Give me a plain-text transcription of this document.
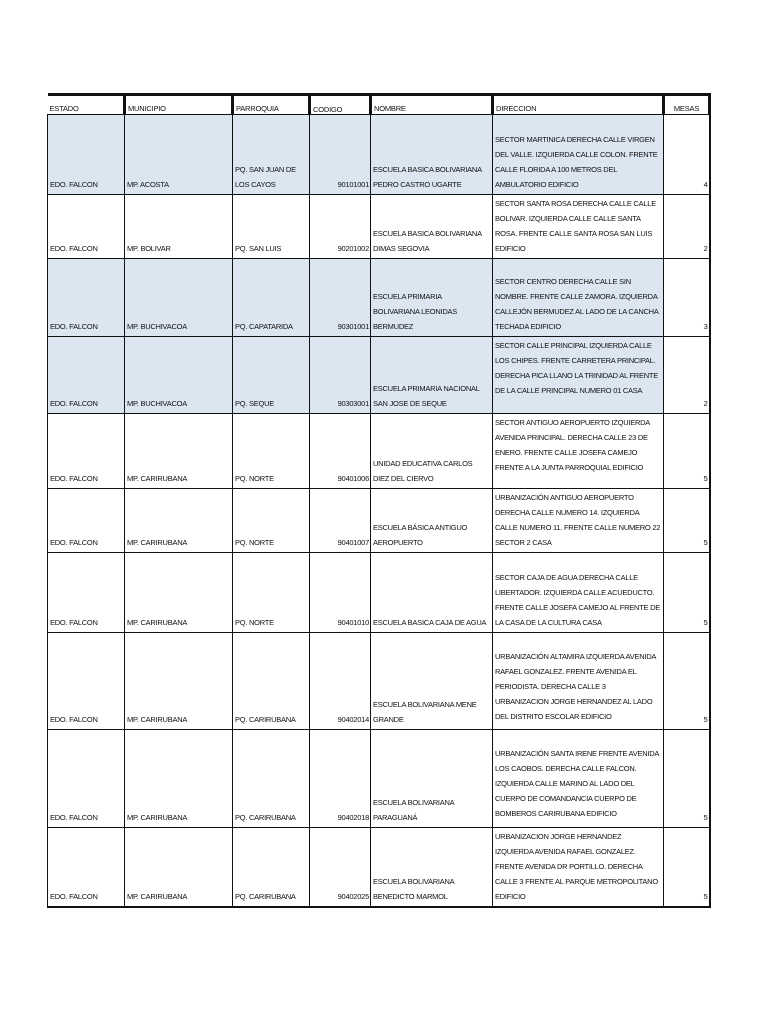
ESTADO	MUNICIPIO	PARROQUIA	CODIGO	NOMBRE	DIRECCION	MESAS
EDO. FALCON	MP. ACOSTA	PQ. SAN JUAN DE LOS CAYOS	90101001	ESCUELA BASICA BOLIVARIANA PEDRO CASTRO UGARTE	SECTOR MARTINICA DERECHA CALLE VIRGEN DEL VALLE. IZQUIERDA CALLE COLON. FRENTE CALLE FLORIDA A 100 METROS DEL AMBULATORIO EDIFICIO	4
EDO. FALCON	MP. BOLIVAR	PQ. SAN LUIS	90201002	ESCUELA BASICA BOLIVARIANA DIMAS SEGOVIA	SECTOR SANTA ROSA DERECHA CALLE CALLE BOLIVAR. IZQUIERDA CALLE CALLE SANTA ROSA. FRENTE CALLE SANTA ROSA SAN LUIS EDIFICIO	2
EDO. FALCON	MP. BUCHIVACOA	PQ. CAPATARIDA	90301001	ESCUELA PRIMARIA BOLIVARIANA LEONIDAS BERMUDEZ	SECTOR CENTRO DERECHA CALLE SIN NOMBRE. FRENTE CALLE ZAMORA. IZQUIERDA CALLEJÓN BERMUDEZ AL LADO DE LA CANCHA TECHADA EDIFICIO	3
EDO. FALCON	MP. BUCHIVACOA	PQ. SEQUE	90303001	ESCUELA PRIMARIA NACIONAL SAN JOSE DE SEQUE	SECTOR CALLE PRINCIPAL IZQUIERDA CALLE LOS CHIPES. FRENTE CARRETERA PRINCIPAL. DERECHA PICA LLANO LA TRINIDAD AL FRENTE DE LA CALLE PRINCIPAL NUMERO 01 CASA	2
EDO. FALCON	MP. CARIRUBANA	PQ. NORTE	90401006	UNIDAD EDUCATIVA CARLOS DIEZ DEL CIERVO	SECTOR ANTIGUO AEROPUERTO IZQUIERDA AVENIDA PRINCIPAL. DERECHA CALLE 23 DE ENERO. FRENTE CALLE JOSEFA CAMEJO FRENTE A LA JUNTA PARROQUIAL EDIFICIO	5
EDO. FALCON	MP. CARIRUBANA	PQ. NORTE	90401007	ESCUELA BÁSICA ANTIGUO AEROPUERTO	URBANIZACIÓN ANTIGUO AEROPUERTO DERECHA CALLE NUMERO 14. IZQUIERDA CALLE NUMERO 11. FRENTE CALLE NUMERO 22 SECTOR 2 CASA	5
EDO. FALCON	MP. CARIRUBANA	PQ. NORTE	90401010	ESCUELA BASICA CAJA DE AGUA	SECTOR CAJA DE AGUA DERECHA CALLE LIBERTADOR. IZQUIERDA CALLE ACUEDUCTO. FRENTE CALLE JOSEFA CAMEJO AL FRENTE DE LA CASA DE LA CULTURA CASA	5
EDO. FALCON	MP. CARIRUBANA	PQ. CARIRUBANA	90402014	ESCUELA BOLIVARIANA MENE GRANDE	URBANIZACIÓN ALTAMIRA IZQUIERDA AVENIDA RAFAEL GONZALEZ. FRENTE AVENIDA EL PERIODISTA. DERECHA CALLE 3 URBANIZACION JORGE HERNANDEZ AL LADO DEL DISTRITO ESCOLAR EDIFICIO	5
EDO. FALCON	MP. CARIRUBANA	PQ. CARIRUBANA	90402018	ESCUELA BOLIVARIANA PARAGUANÁ	URBANIZACIÓN SANTA IRENE FRENTE AVENIDA LOS CAOBOS. DERECHA CALLE FALCON. IZQUIERDA CALLE MARINO AL LADO DEL CUERPO DE COMANDANCIA CUERPO DE BOMBEROS CARIRUBANA EDIFICIO	5
EDO. FALCON	MP. CARIRUBANA	PQ. CARIRUBANA	90402025	ESCUELA BOLIVARIANA BENEDICTO MARMOL	URBANIZACION JORGE HERNANDEZ IZQUIERDA AVENIDA RAFAEL GONZALEZ. FRENTE AVENIDA DR PORTILLO. DERECHA CALLE 3 FRENTE AL PARQUE METROPOLITANO EDIFICIO	5
